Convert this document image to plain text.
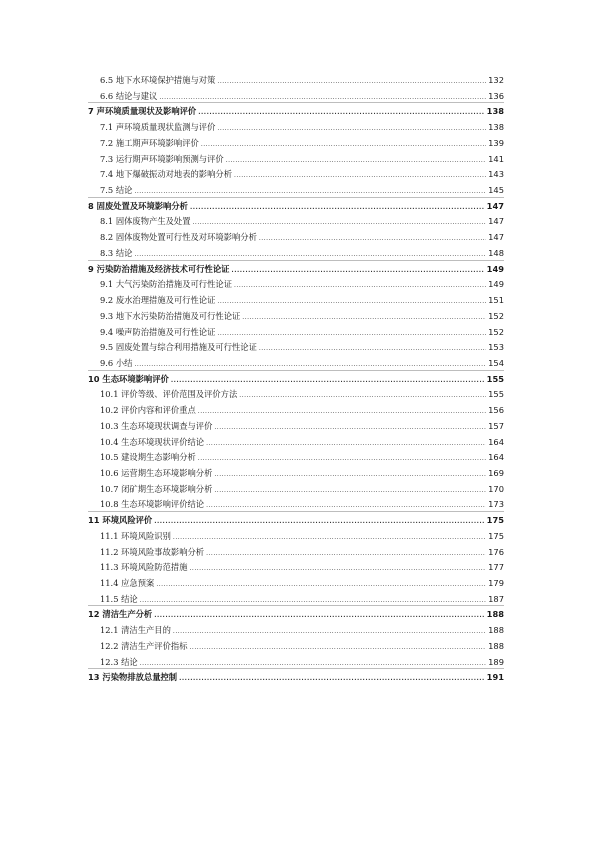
6.5 地下水环境保护措施与对策 .....	132
6.6 结论与建议 .....	136
7 声环境质量现状及影响评价 .....	138
7.1 声环境质量现状监测与评价 .....	138
7.2 施工期声环境影响评价 .....	139
7.3 运行期声环境影响预测与评价 .....	141
7.4 地下爆破振动对地表的影响分析 .....	143
7.5 结论 .....	145
8 固废处置及环境影响分析 .....	147
8.1 固体废物产生及处置 .....	147
8.2 固体废物处置可行性及对环境影响分析 .....	147
8.3 结论 .....	148
9 污染防治措施及经济技术可行性论证 .....	149
9.1 大气污染防治措施及可行性论证 .....	149
9.2 废水治理措施及可行性论证 .....	151
9.3 地下水污染防治措施及可行性论证 .....	152
9.4 噪声防治措施及可行性论证 .....	152
9.5 固废处置与综合利用措施及可行性论证 .....	153
9.6 小结 .....	154
10 生态环境影响评价 .....	155
10.1 评价等级、评价范围及评价方法 .....	155
10.2 评价内容和评价重点 .....	156
10.3 生态环境现状调查与评价 .....	157
10.4 生态环境现状评价结论 .....	164
10.5 建设期生态影响分析 .....	164
10.6 运营期生态环境影响分析 .....	169
10.7 闭矿期生态环境影响分析 .....	170
10.8 生态环境影响评价结论 .....	173
11 环境风险评价 .....	175
11.1 环境风险识别 .....	175
11.2 环境风险事故影响分析 .....	176
11.3 环境风险防范措施 .....	177
11.4 应急预案 .....	179
11.5 结论 .....	187
12 清洁生产分析 .....	188
12.1 清洁生产目的 .....	188
12.2 清洁生产评价指标 .....	188
12.3 结论 .....	189
13 污染物排放总量控制 .....	191
